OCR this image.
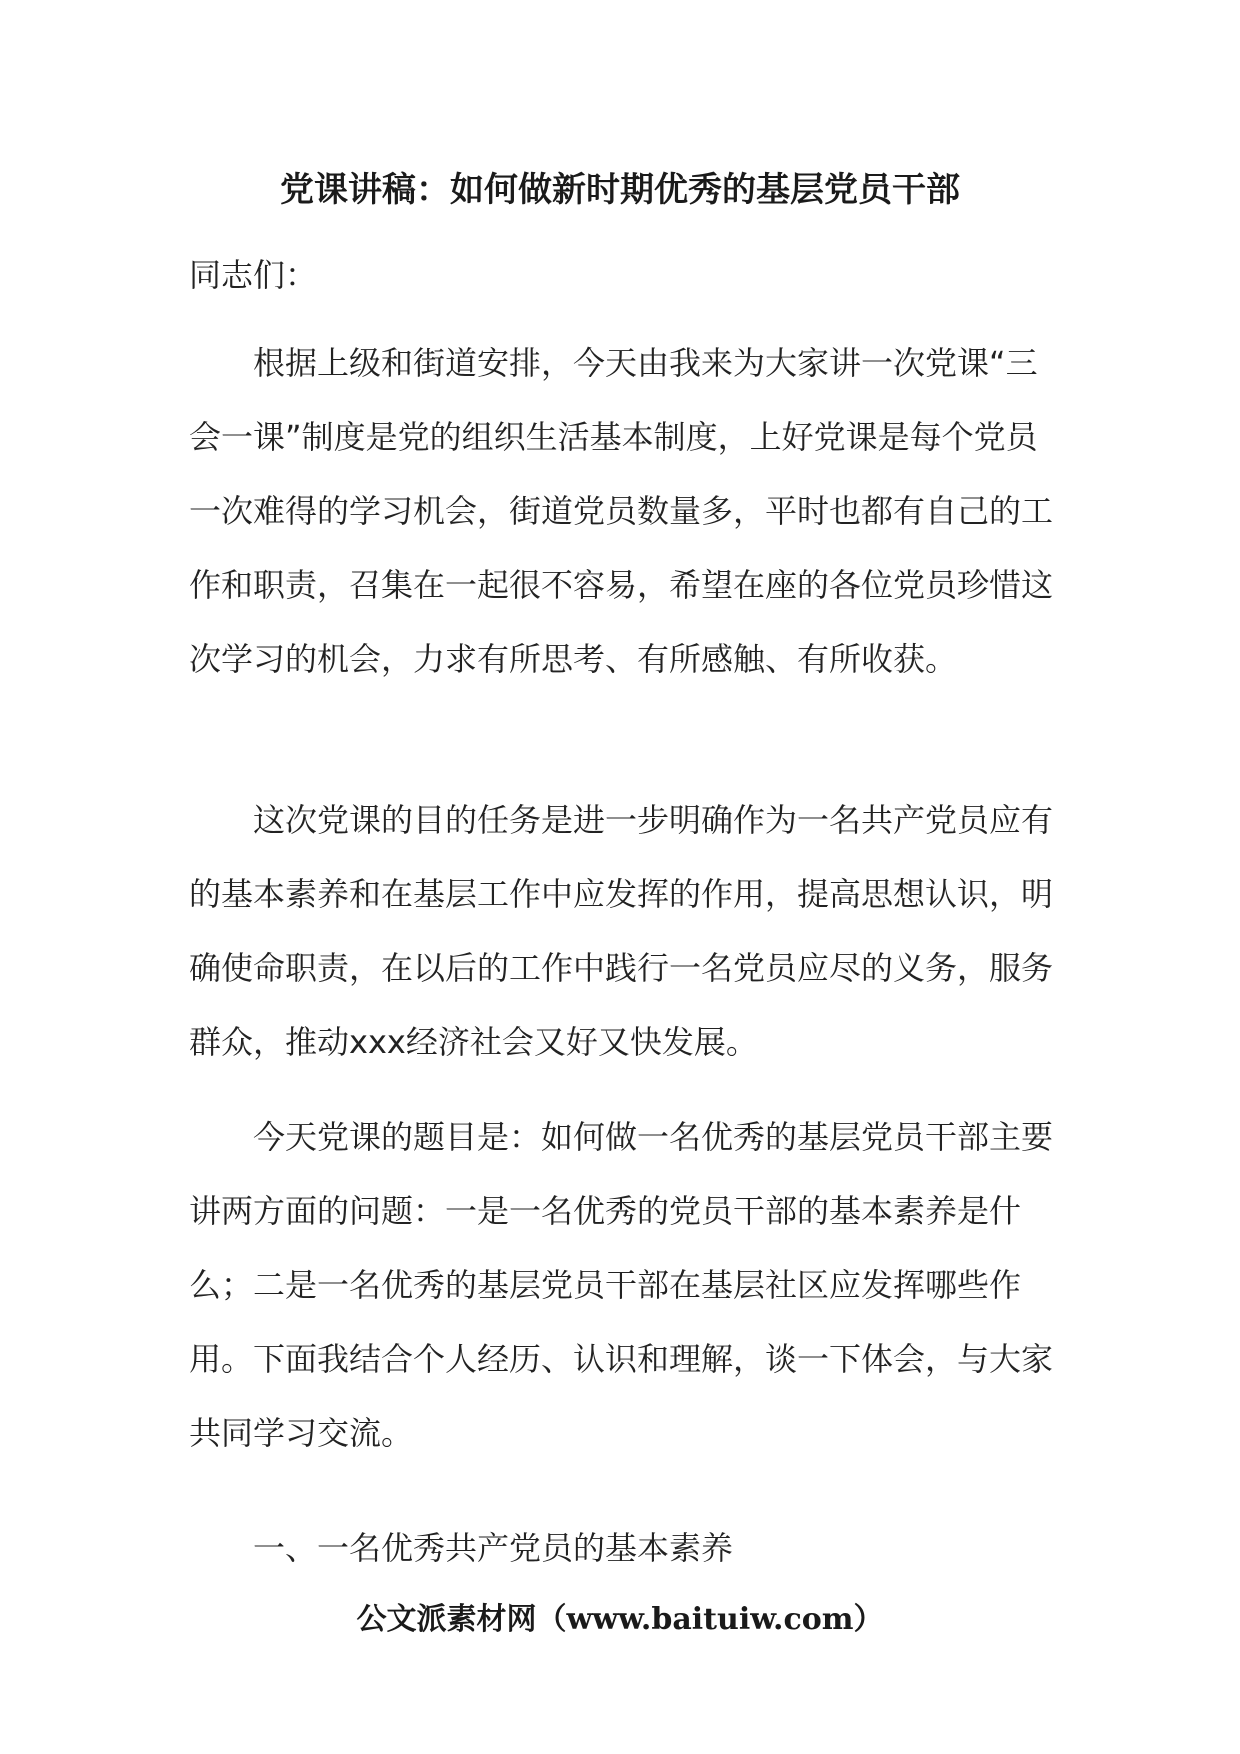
党课讲稿：如何做新时期优秀的基层党员干部
同志们：
根据上级和街道安排，今天由我来为大家讲一次党课“三会一课”制度是党的组织生活基本制度，上好党课是每个党员一次难得的学习机会，街道党员数量多，平时也都有自己的工作和职责，召集在一起很不容易，希望在座的各位党员珍惜这次学习的机会，力求有所思考、有所感触、有所收获。
这次党课的目的任务是进一步明确作为一名共产党员应有的基本素养和在基层工作中应发挥的作用，提高思想认识，明确使命职责，在以后的工作中践行一名党员应尽的义务，服务群众，推动xxx经济社会又好又快发展。
今天党课的题目是：如何做一名优秀的基层党员干部主要讲两方面的问题：一是一名优秀的党员干部的基本素养是什么；二是一名优秀的基层党员干部在基层社区应发挥哪些作用。下面我结合个人经历、认识和理解，谈一下体会，与大家共同学习交流。
一、一名优秀共产党员的基本素养
公文派素材网（www.baituiw.com）
